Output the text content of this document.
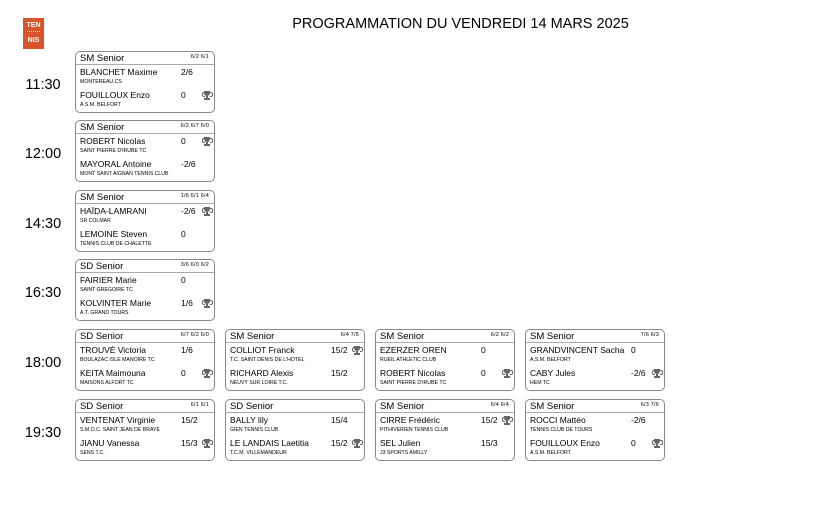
TEN
NIS
PROGRAMMATION DU VENDREDI 14 MARS 2025
11:30
SM Senior	6/2 6/1
BLANCHET Maxime
MONTEREAU.CS
2/6
FOUILLOUX Enzo
A.S.M. BELFORT
0
12:00
SM Senior	6/2 6/7 6/0
ROBERT Nicolas
SAINT PIERRE D'IRUBE TC
0
MAYORAL Antoine
MONT SAINT AIGNAN TENNIS CLUB
-2/6
14:30
SM Senior	1/6 6/1 6/4
HAÏDA-LAMRANI
SR COLMAR
-2/6
LEMOINE Steven
TENNIS CLUB DE CHALETTE
0
16:30
SD Senior	3/6 6/0 6/2
FAIRIER Marie
SAINT GREGOIRE TC
0
KOLVINTER Marie
A.T. GRAND TOURS
1/6
18:00
SD Senior	6/7 6/2 6/0
TROUVÉ Victoria
BOULAZAC ISLE MANOIRE TC
1/6
KEITA Maimouna
MAISONS ALFORT TC
0
SM Senior	6/4 7/5
COLLIOT Franck
T.C. SAINT DENIS DE L'HOTEL
15/2
RICHARD Alexis
NEUVY SUR LOIRE T.C.
15/2
SM Senior	6/2 6/2
EZERZER OREN
RUEIL ATHLETIC CLUB
0
ROBERT Nicolas
SAINT PIERRE D'IRUBE TC
0
SM Senior	7/6 6/3
GRANDVINCENT Sacha
A.S.M. BELFORT
0
CABY Jules
HEM TC
-2/6
19:30
SD Senior	6/1 6/1
VENTENAT Virginie
S.M.O.C. SAINT JEAN DE BRAYE
15/2
JIANU Vanessa
SENS T.C.
15/3
SD Senior
BALLY lily
GIEN TENNIS CLUB
15/4
LE LANDAIS Laetitia
T.C.M. VILLEMANDEUR
15/2
SM Senior	6/4 6/4
CIRRE Frédéric
PITHIVERIEN TENNIS CLUB
15/2
SEL Julien
J3 SPORTS AMILLY
15/3
SM Senior	6/3 7/6
ROCCI Mattéo
TENNIS CLUB DE TOURS
-2/6
FOUILLOUX Enzo
A.S.M. BELFORT
0
